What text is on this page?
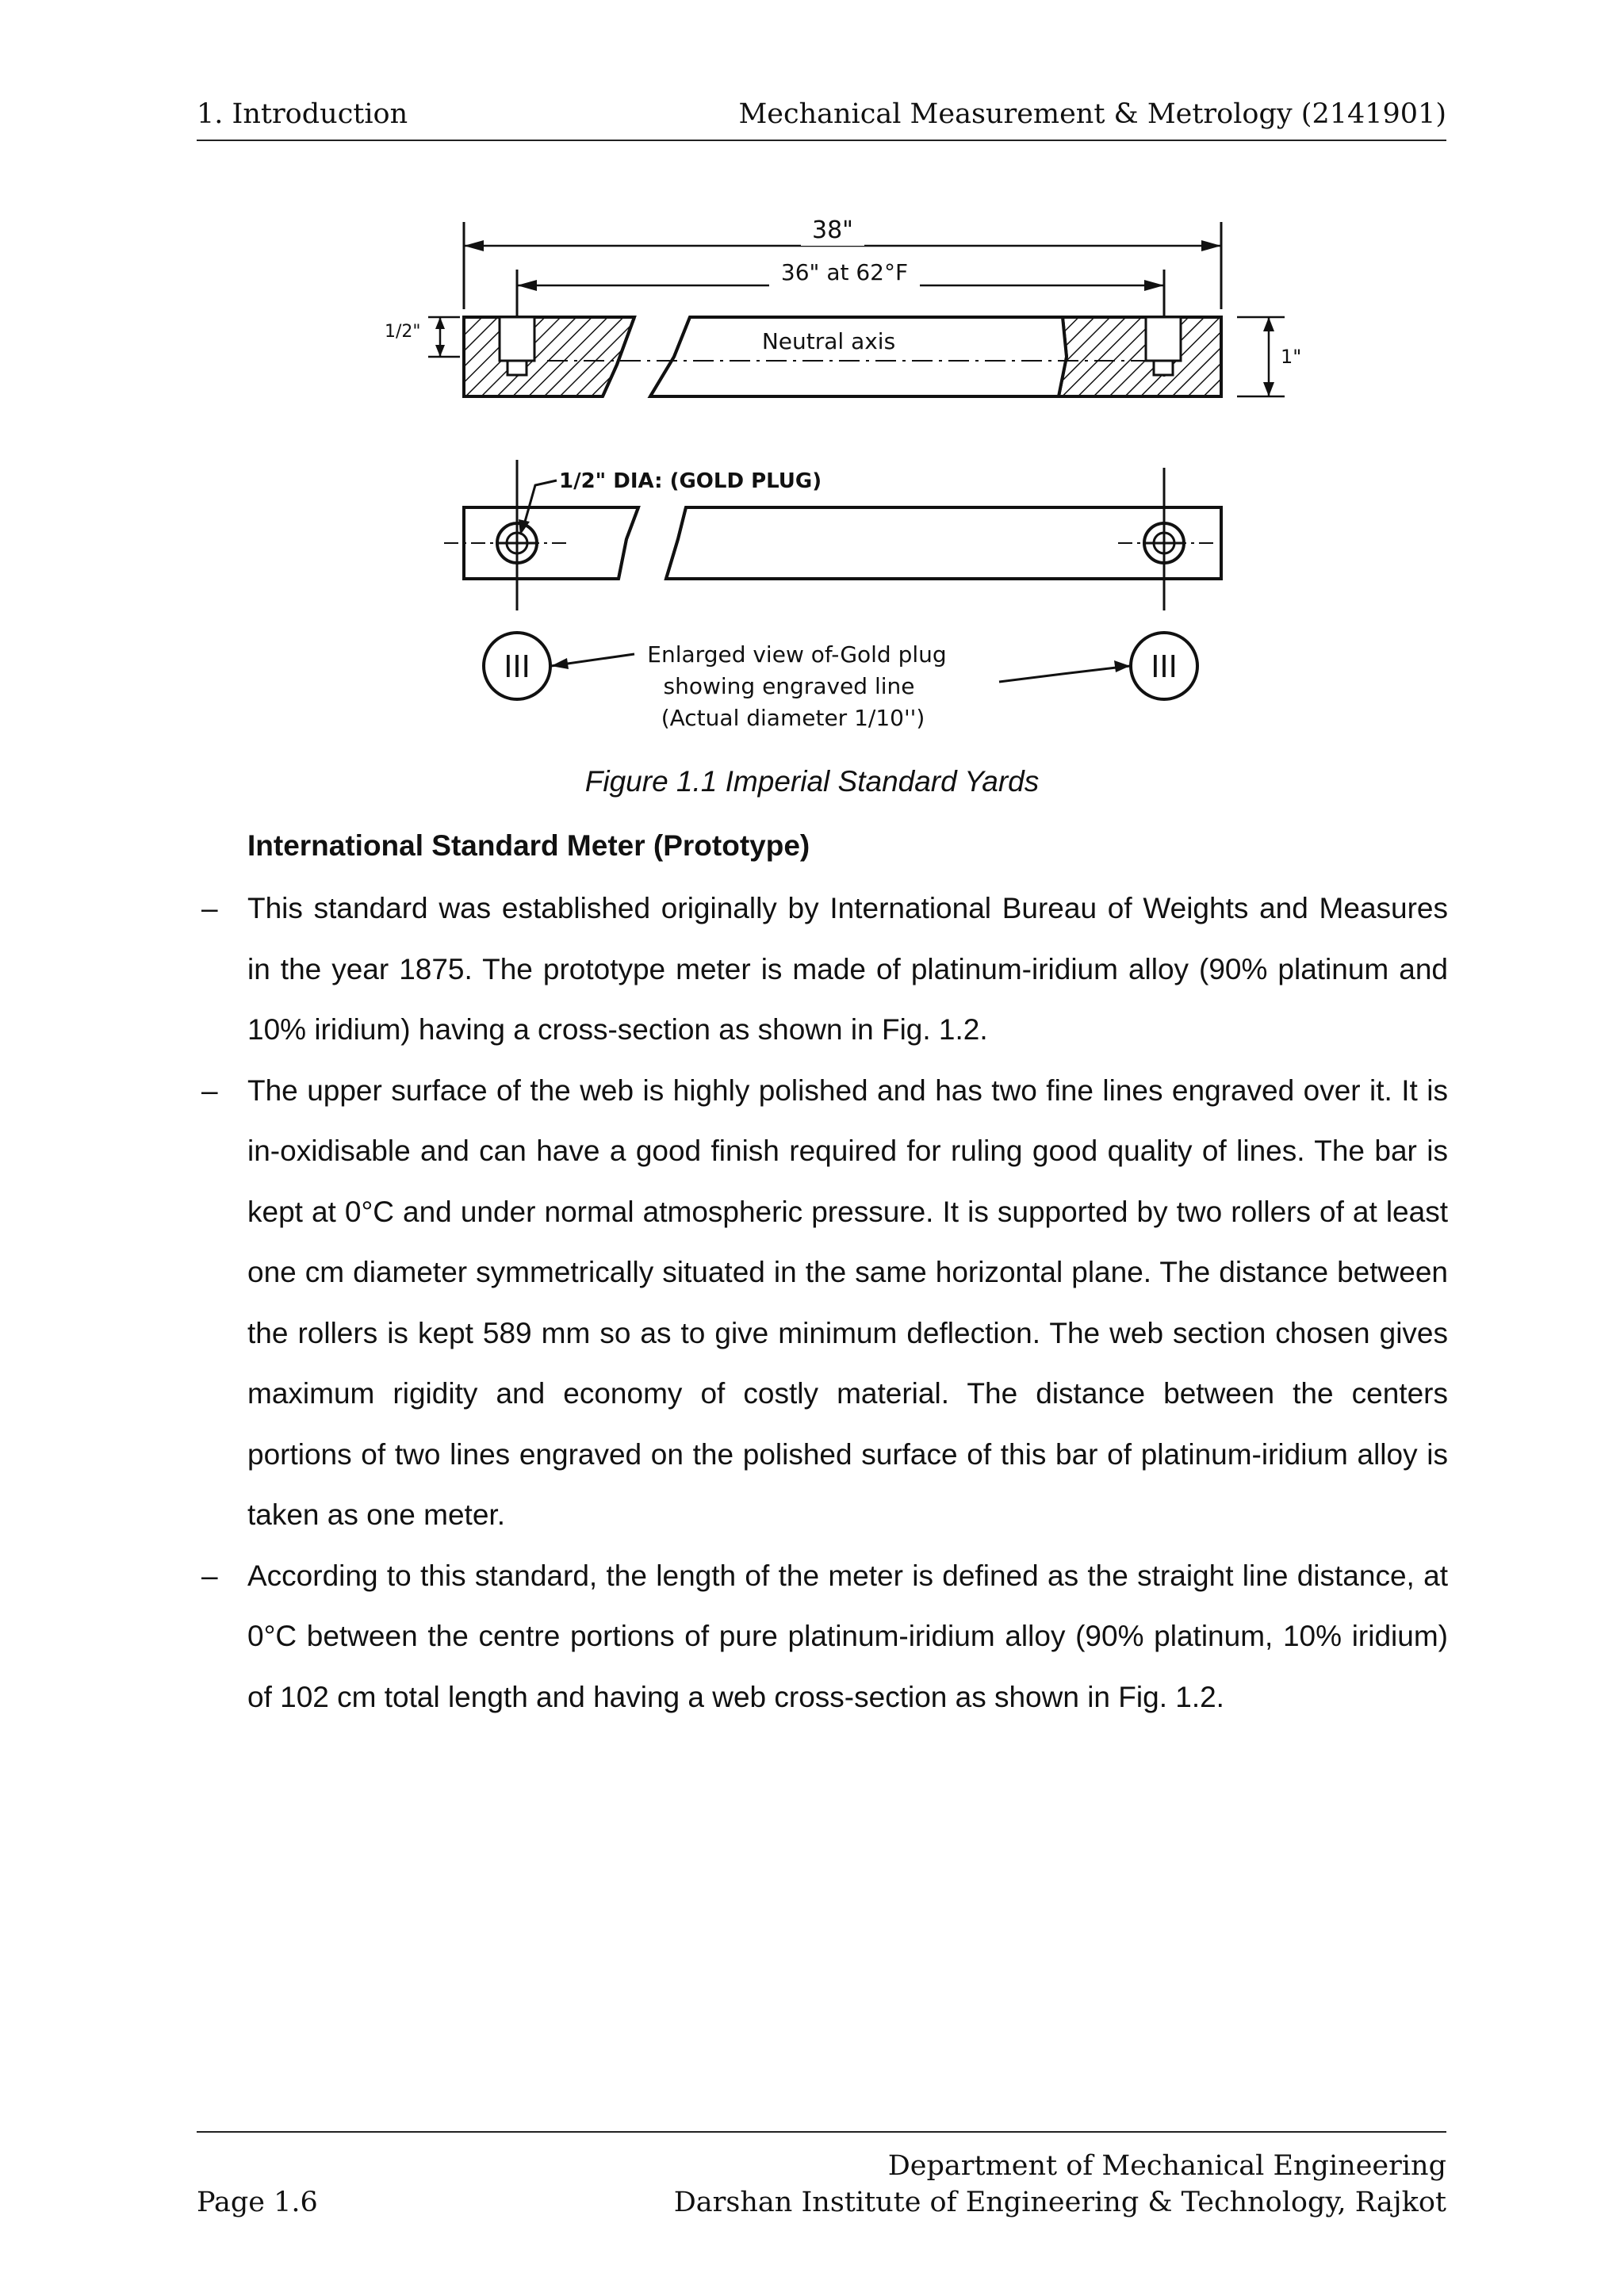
1. Introduction	Mechanical Measurement & Metrology (2141901)
38"
36" at 62°F
Neutral axis
1/2"
1"
1/2" DIA: (GOLD PLUG)
III	III
Enlarged view of-Gold plug
showing engraved line
(Actual diameter 1/10'')
Figure 1.1 Imperial Standard Yards
International Standard Meter (Prototype)
– This standard was established originally by International Bureau of Weights and Measures in the year 1875. The prototype meter is made of platinum-iridium alloy (90% platinum and 10% iridium) having a cross-section as shown in Fig. 1.2.
– The upper surface of the web is highly polished and has two fine lines engraved over it. It is in-oxidisable and can have a good finish required for ruling good quality of lines. The bar is kept at 0°C and under normal atmospheric pressure. It is supported by two rollers of at least one cm diameter symmetrically situated in the same horizontal plane. The distance between the rollers is kept 589 mm so as to give minimum deflection. The web section chosen gives maximum rigidity and economy of costly material. The distance between the centers portions of two lines engraved on the polished surface of this bar of platinum-iridium alloy is taken as one meter.
– According to this standard, the length of the meter is defined as the straight line distance, at 0°C between the centre portions of pure platinum-iridium alloy (90% platinum, 10% iridium) of 102 cm total length and having a web cross-section as shown in Fig. 1.2.
Department of Mechanical Engineering
Page 1.6	Darshan Institute of Engineering & Technology, Rajkot
